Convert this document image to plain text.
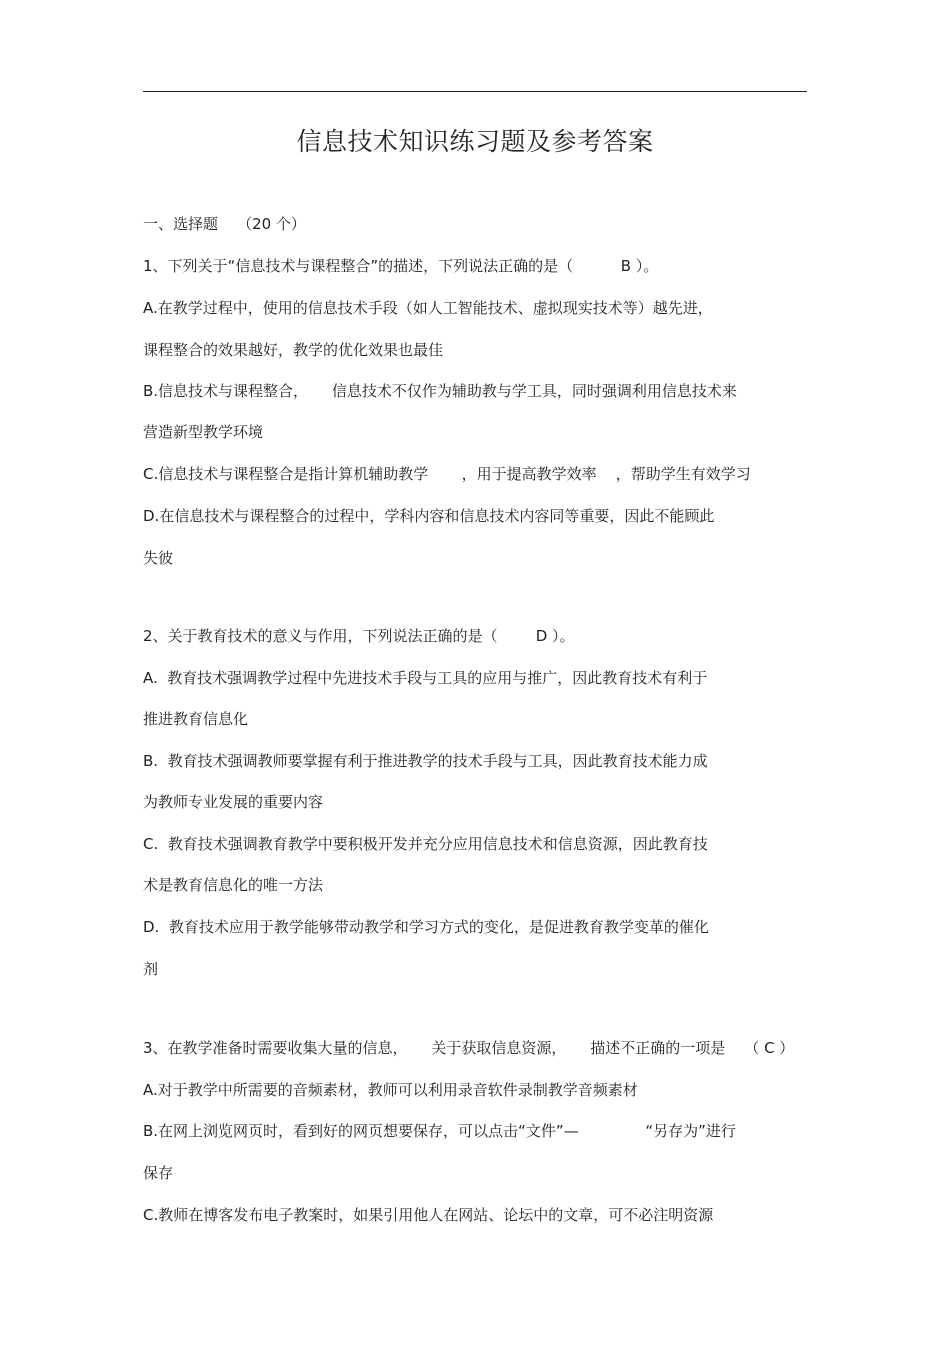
信息技术知识练习题及参考答案
一、选择题    （20 个）
1、下列关于“信息技术与课程整合”的描述，下列说法正确的是（          B ）。
A.在教学过程中，使用的信息技术手段（如人工智能技术、虚拟现实技术等）越先进，
课程整合的效果越好，教学的优化效果也最佳
B.信息技术与课程整合，     信息技术不仅作为辅助教与学工具，同时强调利用信息技术来
营造新型教学环境
C.信息技术与课程整合是指计算机辅助教学       ，用于提高教学效率    ，帮助学生有效学习
D.在信息技术与课程整合的过程中，学科内容和信息技术内容同等重要，因此不能顾此
失彼
2、关于教育技术的意义与作用，下列说法正确的是（        D ）。
A.  教育技术强调教学过程中先进技术手段与工具的应用与推广，因此教育技术有利于
推进教育信息化
B.  教育技术强调教师要掌握有利于推进教学的技术手段与工具，因此教育技术能力成
为教师专业发展的重要内容
C.  教育技术强调教育教学中要积极开发并充分应用信息技术和信息资源，因此教育技
术是教育信息化的唯一方法
D.  教育技术应用于教学能够带动教学和学习方式的变化，是促进教育教学变革的催化
剂
3、在教学准备时需要收集大量的信息，     关于获取信息资源，     描述不正确的一项是    （ C ）
A.对于教学中所需要的音频素材，教师可以利用录音软件录制教学音频素材
B.在网上浏览网页时，看到好的网页想要保存，可以点击“文件”—              “另存为”进行
保存
C.教师在博客发布电子教案时，如果引用他人在网站、论坛中的文章，可不必注明资源
